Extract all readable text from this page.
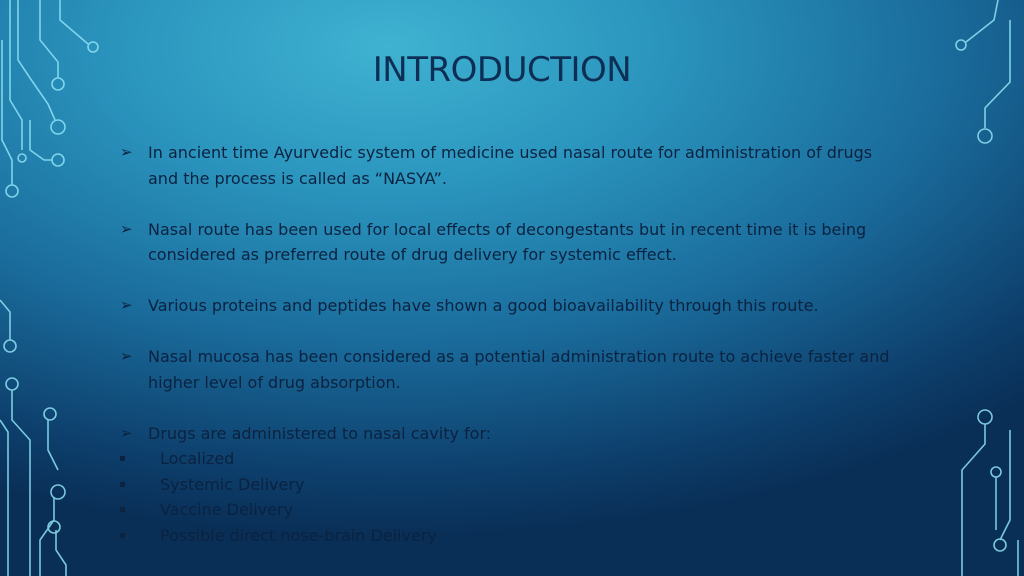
INTRODUCTION
➢ In ancient time Ayurvedic system of medicine used nasal route for administration of drugs
and the process is called as “NASYA”.
➢ Nasal route has been used for local effects of decongestants but in recent time it is being
considered as preferred route of drug delivery for systemic effect.
➢ Various proteins and peptides have shown a good bioavailability through this route.
➢ Nasal mucosa has been considered as a potential administration route to achieve faster and
higher level of drug absorption.
➢ Drugs are administered to nasal cavity for:
Localized
Systemic Delivery
Vaccine Delivery
Possible direct nose-brain Delivery
